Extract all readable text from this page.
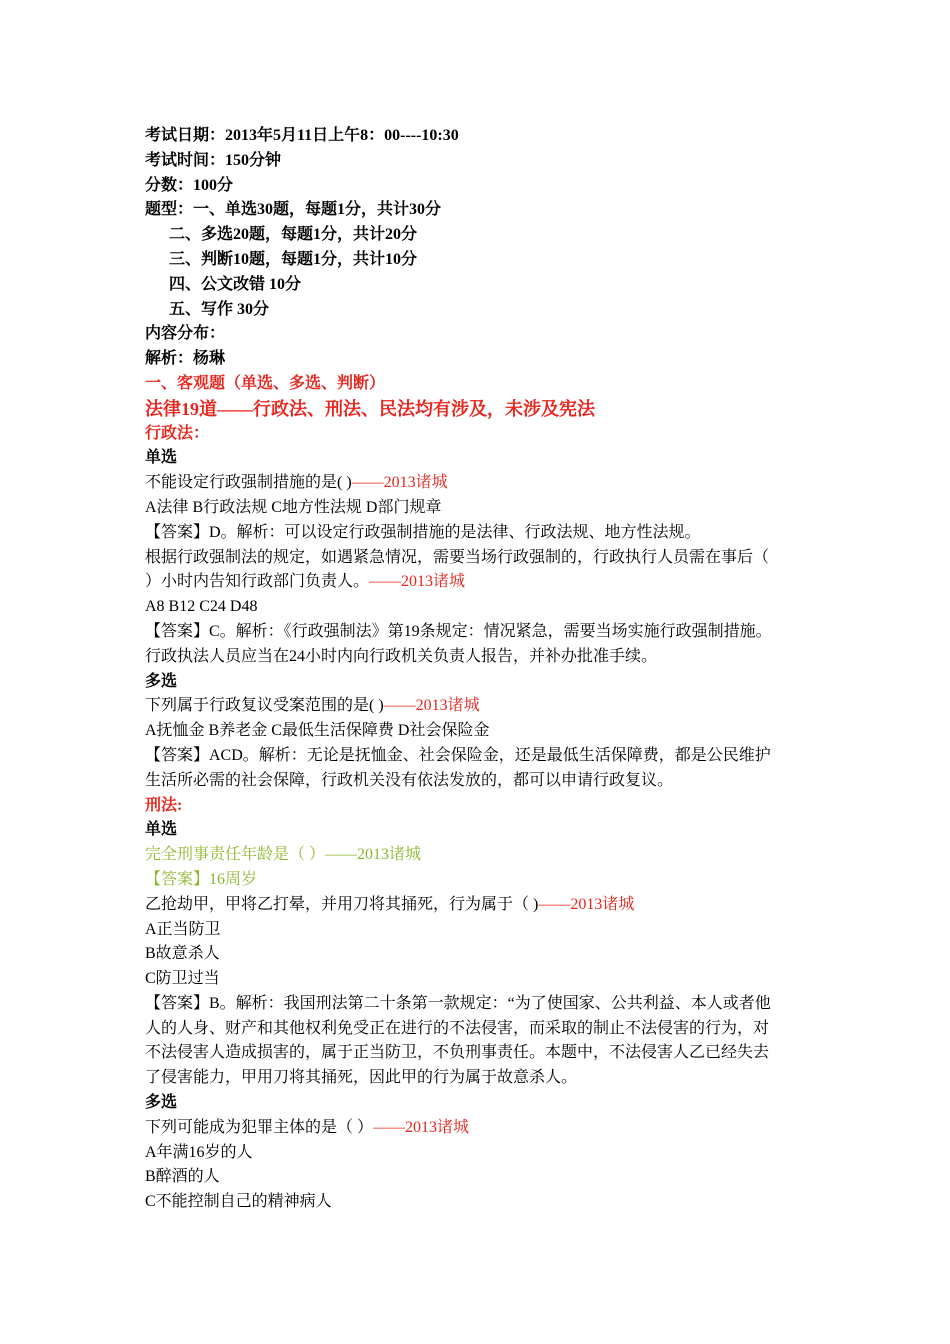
考试日期：2013年5月11日上午8：00----10:30
考试时间：150分钟
分数：100分
题型：一、单选30题，每题1分，共计30分
二、多选20题，每题1分，共计20分
三、判断10题，每题1分，共计10分
四、公文改错 10分
五、写作 30分
内容分布：
解析：杨琳
一、客观题（单选、多选、判断）
法律19道——行政法、刑法、民法均有涉及，未涉及宪法
行政法：
单选
不能设定行政强制措施的是( )——2013诸城
A法律 B行政法规 C地方性法规 D部门规章
【答案】D。解析：可以设定行政强制措施的是法律、行政法规、地方性法规。
根据行政强制法的规定，如遇紧急情况，需要当场行政强制的，行政执行人员需在事后（
）小时内告知行政部门负责人。——2013诸城
A8 B12 C24 D48
【答案】C。解析：《行政强制法》第19条规定：情况紧急，需要当场实施行政强制措施。
行政执法人员应当在24小时内向行政机关负责人报告，并补办批准手续。
多选
下列属于行政复议受案范围的是( )——2013诸城
A抚恤金 B养老金 C最低生活保障费 D社会保险金
【答案】ACD。解析：无论是抚恤金、社会保险金，还是最低生活保障费，都是公民维护
生活所必需的社会保障，行政机关没有依法发放的，都可以申请行政复议。
刑法:
单选
完全刑事责任年龄是（ ）——2013诸城
【答案】16周岁
乙抢劫甲，甲将乙打晕，并用刀将其捅死，行为属于（ )——2013诸城
A正当防卫
B故意杀人
C防卫过当
【答案】B。解析：我国刑法第二十条第一款规定：“为了使国家、公共利益、本人或者他
人的人身、财产和其他权利免受正在进行的不法侵害，而采取的制止不法侵害的行为，对
不法侵害人造成损害的，属于正当防卫，不负刑事责任。本题中，不法侵害人乙已经失去
了侵害能力，甲用刀将其捅死，因此甲的行为属于故意杀人。
多选
下列可能成为犯罪主体的是（ ）——2013诸城
A年满16岁的人
B醉酒的人
C不能控制自己的精神病人
